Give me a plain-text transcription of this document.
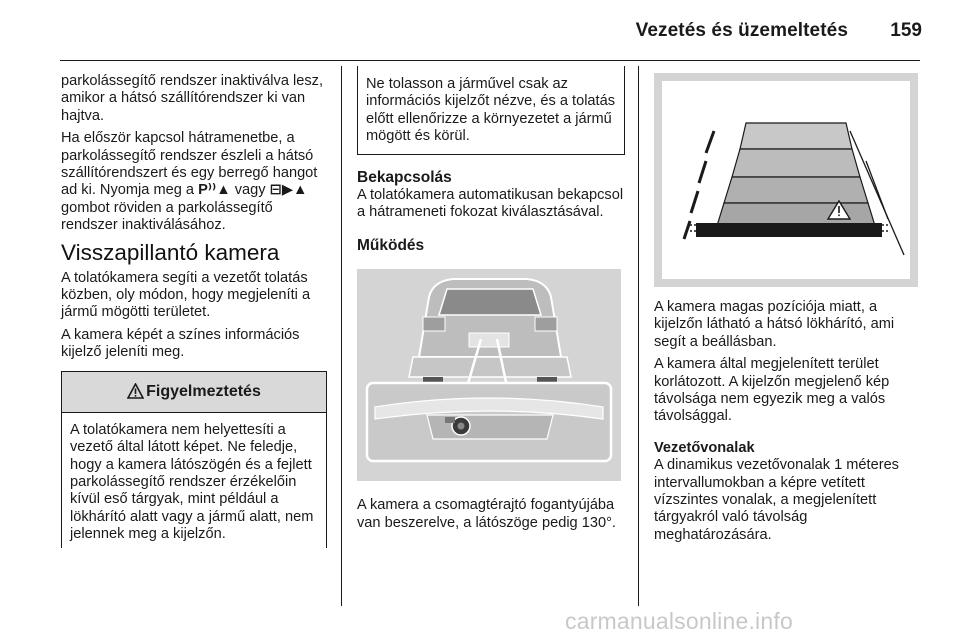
Vezetés és üzemeltetés 159

parkolássegítő rendszer inaktiválva lesz, amikor a hátsó szállítórendszer ki van hajtva.

Ha először kapcsol hátramenetbe, a parkolássegítő rendszer észleli a hátsó szállítórendszert és egy berregő hangot ad ki. Nyomja meg a P⁾⁾▲ vagy ⊟▶▲ gombot röviden a parkolássegítő rendszer inaktiválásához.

Visszapillantó kamera

A tolatókamera segíti a vezetőt tolatás közben, oly módon, hogy megjeleníti a jármű mögötti területet.

A kamera képét a színes információs kijelző jeleníti meg.

Figyelmeztetés
A tolatókamera nem helyettesíti a vezető által látott képet. Ne feledje, hogy a kamera látószögén és a fejlett parkolássegítő rendszer érzékelőin kívül eső tárgyak, mint például a lökhárító alatt vagy a jármű alatt, nem jelennek meg a kijelzőn.
Ne tolasson a járművel csak az információs kijelzőt nézve, és a tolatás előtt ellenőrizze a környezetet a jármű mögött és körül.
Bekapcsolás

A tolatókamera automatikusan bekapcsol a hátrameneti fokozat kiválasztásával.

Működés

A kamera a csomagtérajtó fogantyújába van beszerelve, a látószöge pedig 130°.

A kamera magas pozíciója miatt, a kijelzőn látható a hátsó lökhárító, ami segít a beállásban.

A kamera által megjelenített terület korlátozott. A kijelzőn megjelenő kép távolsága nem egyezik meg a valós távolsággal.

Vezetővonalak

A dinamikus vezetővonalak 1 méteres intervallumokban a képre vetített vízszintes vonalak, a megjelenített tárgyakról való távolság meghatározására.

carmanualsonline.info
